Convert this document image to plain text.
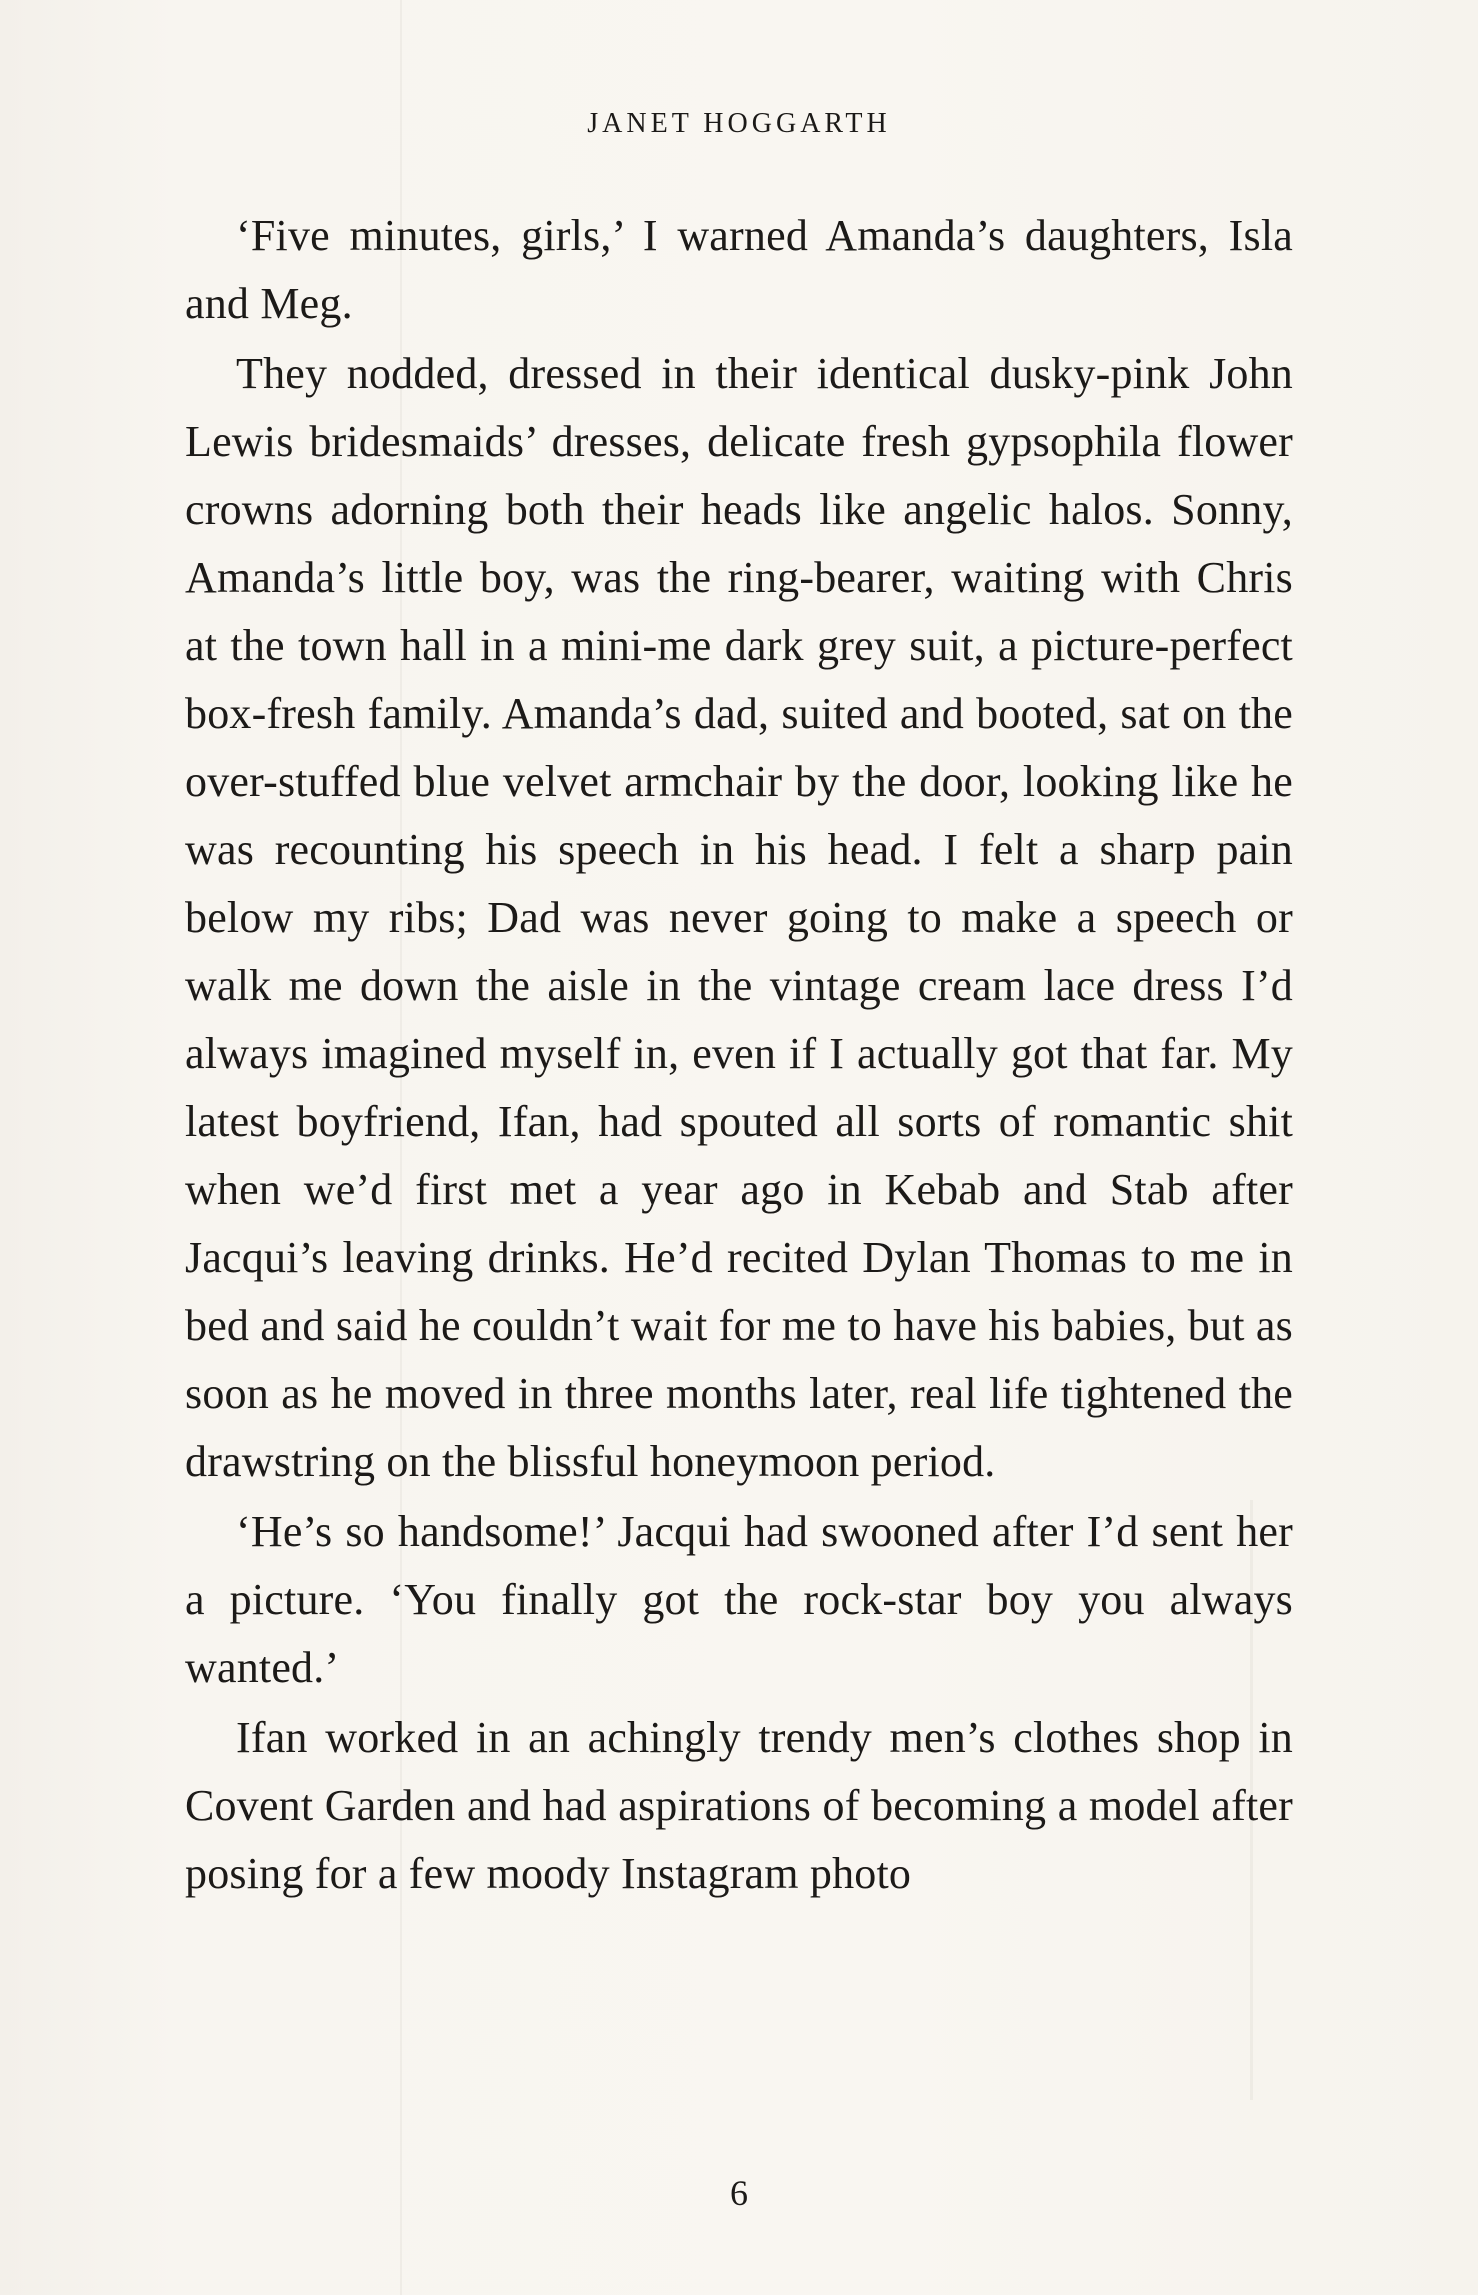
JANET HOGGARTH

‘Five minutes, girls,’ I warned Amanda’s daughters, Isla and Meg.

They nodded, dressed in their identical dusky-pink John Lewis bridesmaids’ dresses, delicate fresh gypsophila flower crowns adorning both their heads like angelic halos. Sonny, Amanda’s little boy, was the ring-bearer, waiting with Chris at the town hall in a mini-me dark grey suit, a picture-perfect box-fresh family. Amanda’s dad, suited and booted, sat on the over-stuffed blue velvet armchair by the door, looking like he was recounting his speech in his head. I felt a sharp pain below my ribs; Dad was never going to make a speech or walk me down the aisle in the vintage cream lace dress I’d always imagined myself in, even if I actually got that far. My latest boyfriend, Ifan, had spouted all sorts of romantic shit when we’d first met a year ago in Kebab and Stab after Jacqui’s leaving drinks. He’d recited Dylan Thomas to me in bed and said he couldn’t wait for me to have his babies, but as soon as he moved in three months later, real life tightened the drawstring on the blissful honeymoon period.

‘He’s so handsome!’ Jacqui had swooned after I’d sent her a picture. ‘You finally got the rock-star boy you always wanted.’

Ifan worked in an achingly trendy men’s clothes shop in Covent Garden and had aspirations of becoming a model after posing for a few moody Instagram photo

6
